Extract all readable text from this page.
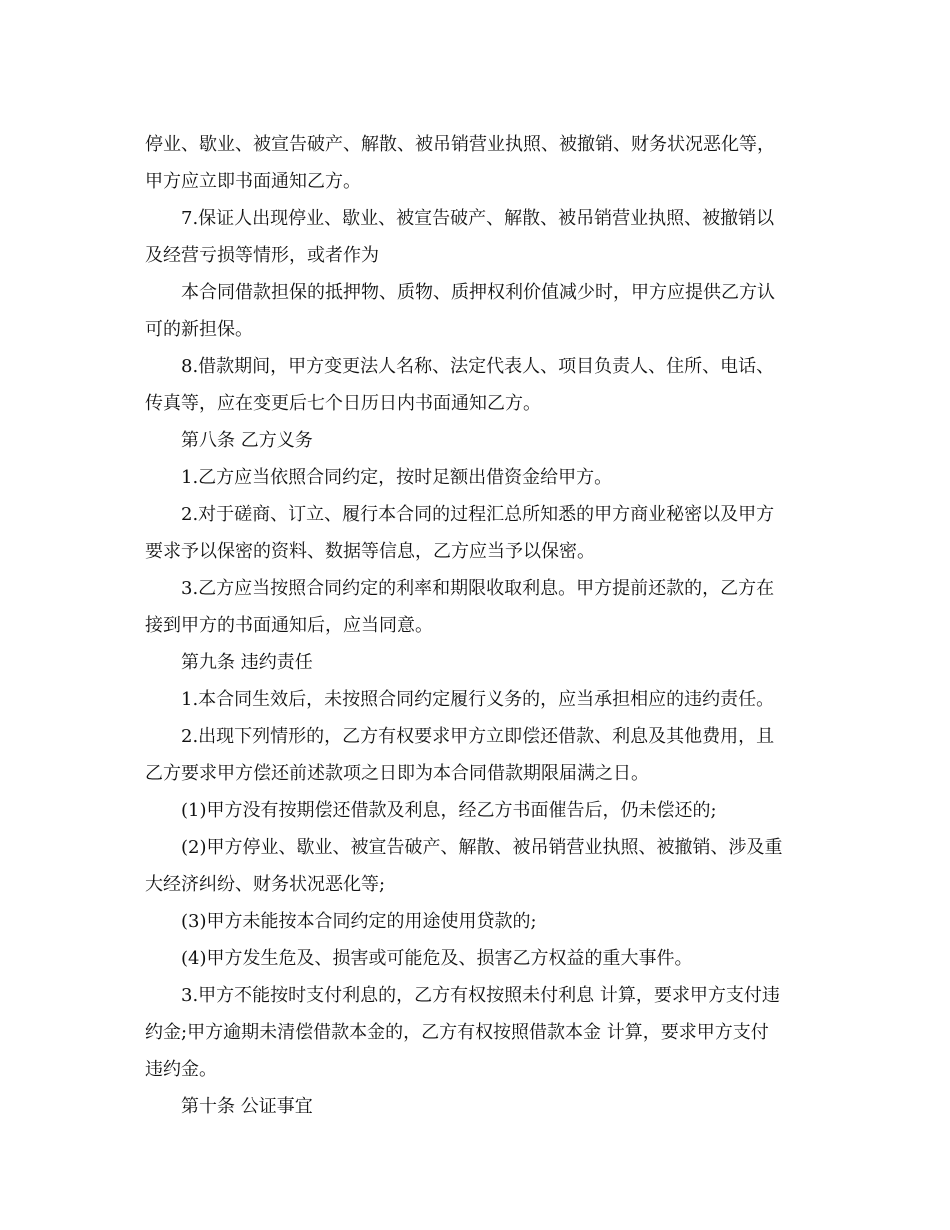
停业、歇业、被宣告破产、解散、被吊销营业执照、被撤销、财务状况恶化等，

甲方应立即书面通知乙方。

7.保证人出现停业、歇业、被宣告破产、解散、被吊销营业执照、被撤销以

及经营亏损等情形，或者作为

本合同借款担保的抵押物、质物、质押权利价值减少时，甲方应提供乙方认

可的新担保。

8.借款期间，甲方变更法人名称、法定代表人、项目负责人、住所、电话、

传真等，应在变更后七个日历日内书面通知乙方。

第八条 乙方义务

1.乙方应当依照合同约定，按时足额出借资金给甲方。

2.对于磋商、订立、履行本合同的过程汇总所知悉的甲方商业秘密以及甲方

要求予以保密的资料、数据等信息，乙方应当予以保密。

3.乙方应当按照合同约定的利率和期限收取利息。甲方提前还款的，乙方在

接到甲方的书面通知后，应当同意。

第九条 违约责任

1.本合同生效后，未按照合同约定履行义务的，应当承担相应的违约责任。

2.出现下列情形的，乙方有权要求甲方立即偿还借款、利息及其他费用，且

乙方要求甲方偿还前述款项之日即为本合同借款期限届满之日。

(1)甲方没有按期偿还借款及利息，经乙方书面催告后，仍未偿还的;

(2)甲方停业、歇业、被宣告破产、解散、被吊销营业执照、被撤销、涉及重

大经济纠纷、财务状况恶化等;

(3)甲方未能按本合同约定的用途使用贷款的;

(4)甲方发生危及、损害或可能危及、损害乙方权益的重大事件。

3.甲方不能按时支付利息的，乙方有权按照未付利息 计算，要求甲方支付违

约金;甲方逾期未清偿借款本金的，乙方有权按照借款本金 计算，要求甲方支付

违约金。

第十条 公证事宜
